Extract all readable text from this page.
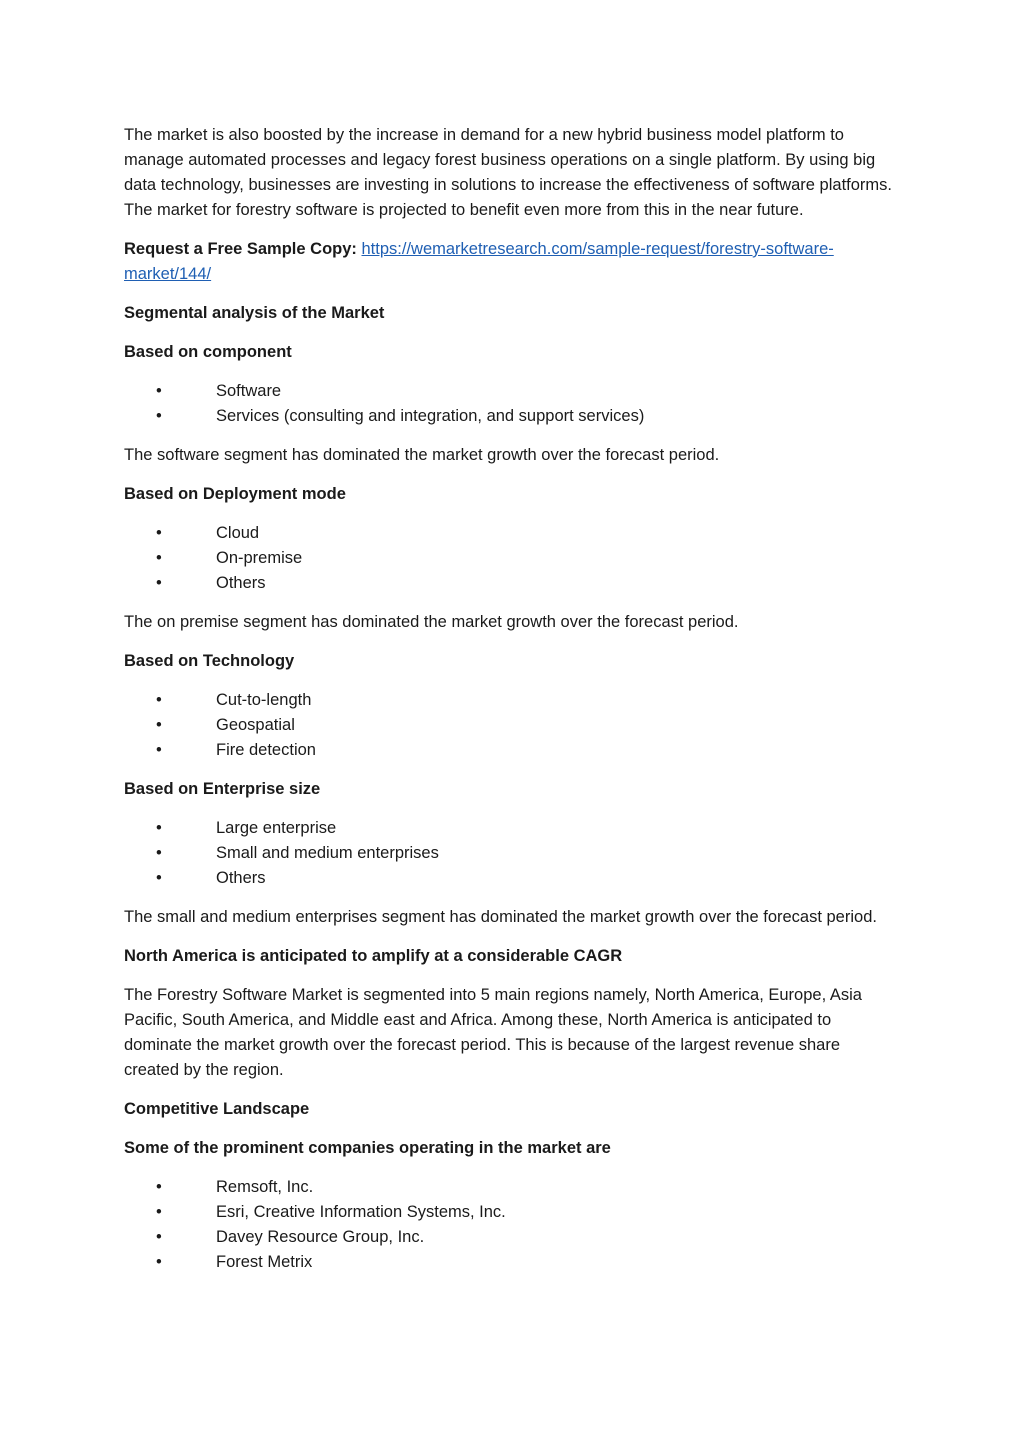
The market is also boosted by the increase in demand for a new hybrid business model platform to manage automated processes and legacy forest business operations on a single platform. By using big data technology, businesses are investing in solutions to increase the effectiveness of software platforms. The market for forestry software is projected to benefit even more from this in the near future.

Request a Free Sample Copy: https://wemarketresearch.com/sample-request/forestry-software-market/144/

Segmental analysis of the Market
Based on component
•	Software
•	Services (consulting and integration, and support services)

The software segment has dominated the market growth over the forecast period.

Based on Deployment mode
•	Cloud
•	On-premise
•	Others

The on premise segment has dominated the market growth over the forecast period.

Based on Technology
•	Cut-to-length
•	Geospatial
•	Fire detection
Based on Enterprise size
•	Large enterprise
•	Small and medium enterprises
•	Others

The small and medium enterprises segment has dominated the market growth over the forecast period.

North America is anticipated to amplify at a considerable CAGR

The Forestry Software Market is segmented into 5 main regions namely, North America, Europe, Asia Pacific, South America, and Middle east and Africa. Among these, North America is anticipated to dominate the market growth over the forecast period. This is because of the largest revenue share created by the region.

Competitive Landscape
Some of the prominent companies operating in the market are
•	Remsoft, Inc.
•	Esri, Creative Information Systems, Inc.
•	Davey Resource Group, Inc.
•	Forest Metrix
